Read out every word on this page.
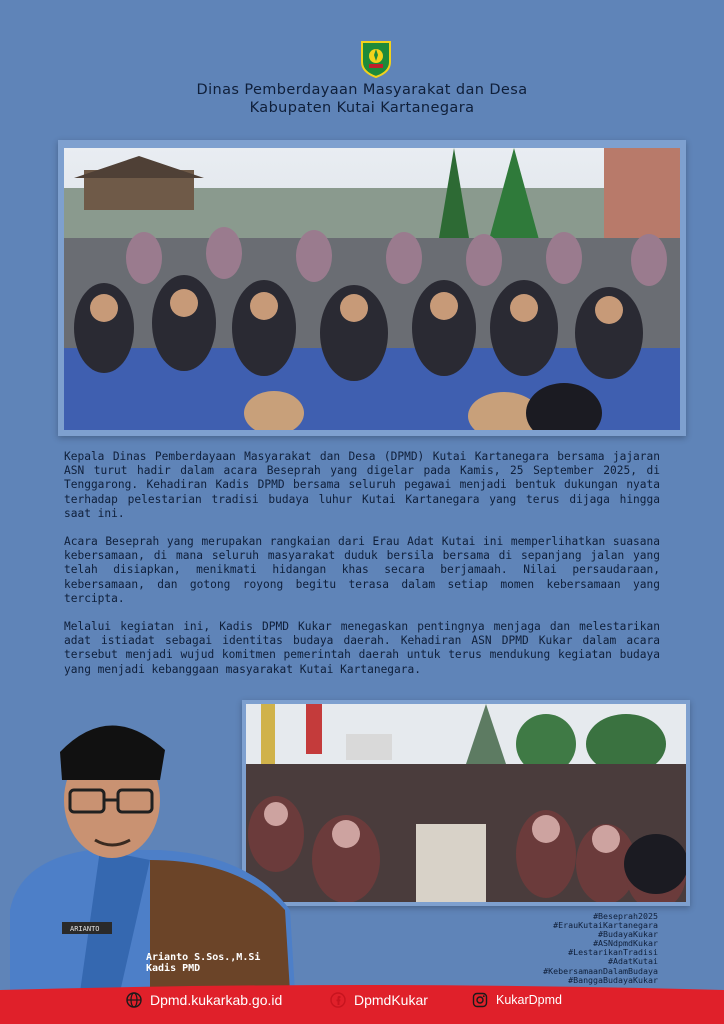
Dinas Pemberdayaan Masyarakat dan Desa
Kabupaten Kutai Kartanegara

Kepala Dinas Pemberdayaan Masyarakat dan Desa (DPMD) Kutai Kartanegara bersama jajaran ASN turut hadir dalam acara Beseprah yang digelar pada Kamis, 25 September 2025, di Tenggarong. Kehadiran Kadis DPMD bersama seluruh pegawai menjadi bentuk dukungan nyata terhadap pelestarian tradisi budaya luhur Kutai Kartanegara yang terus dijaga hingga saat ini.

Acara Beseprah yang merupakan rangkaian dari Erau Adat Kutai ini memperlihatkan suasana kebersamaan, di mana seluruh masyarakat duduk bersila bersama di sepanjang jalan yang telah disiapkan, menikmati hidangan khas secara berjamaah. Nilai persaudaraan, kebersamaan, dan gotong royong begitu terasa dalam setiap momen kebersamaan yang tercipta.

Melalui kegiatan ini, Kadis DPMD Kukar menegaskan pentingnya menjaga dan melestarikan adat istiadat sebagai identitas budaya daerah. Kehadiran ASN DPMD Kukar dalam acara tersebut menjadi wujud komitmen pemerintah daerah untuk terus mendukung kegiatan budaya yang menjadi kebanggaan masyarakat Kutai Kartanegara.

ARIANTO
Arianto S.Sos.,M.Si
Kadis PMD
#Beseprah2025
#ErauKutaiKartanegara
#BudayaKukar
#ASNdpmdKukar
#LestarikanTradisi
#AdatKutai
#KebersamaanDalamBudaya
#BanggaBudayaKukar
Dpmd.kukarkab.go.id	DpmdKukar	KukarDpmd
